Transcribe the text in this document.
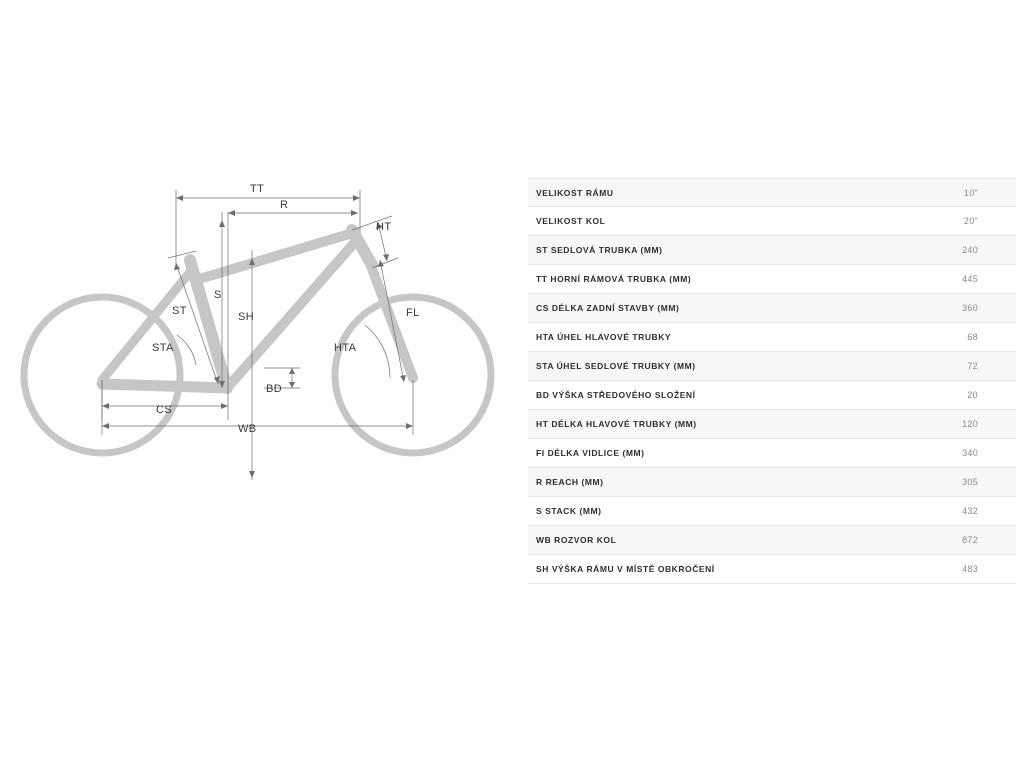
TT
R
HT
ST
S
SH	FL
STA	HTA
BD
CS
WB
VELIKOST RÁMU	10"
VELIKOST KOL	20"
ST SEDLOVÁ TRUBKA (MM)	240
TT HORNÍ RÁMOVÁ TRUBKA (MM)	445
CS DÉLKA ZADNÍ STAVBY (MM)	360
HTA ÚHEL HLAVOVÉ TRUBKY	68
STA ÚHEL SEDLOVÉ TRUBKY (MM)	72
BD VÝŠKA STŘEDOVÉHO SLOŽENÍ	20
HT DÉLKA HLAVOVÉ TRUBKY (MM)	120
FI DÉLKA VIDLICE (MM)	340
R REACH (MM)	305
S STACK (MM)	432
WB ROZVOR KOL	872
SH VÝŠKA RÁMU V MÍSTĚ OBKROČENÍ	483
